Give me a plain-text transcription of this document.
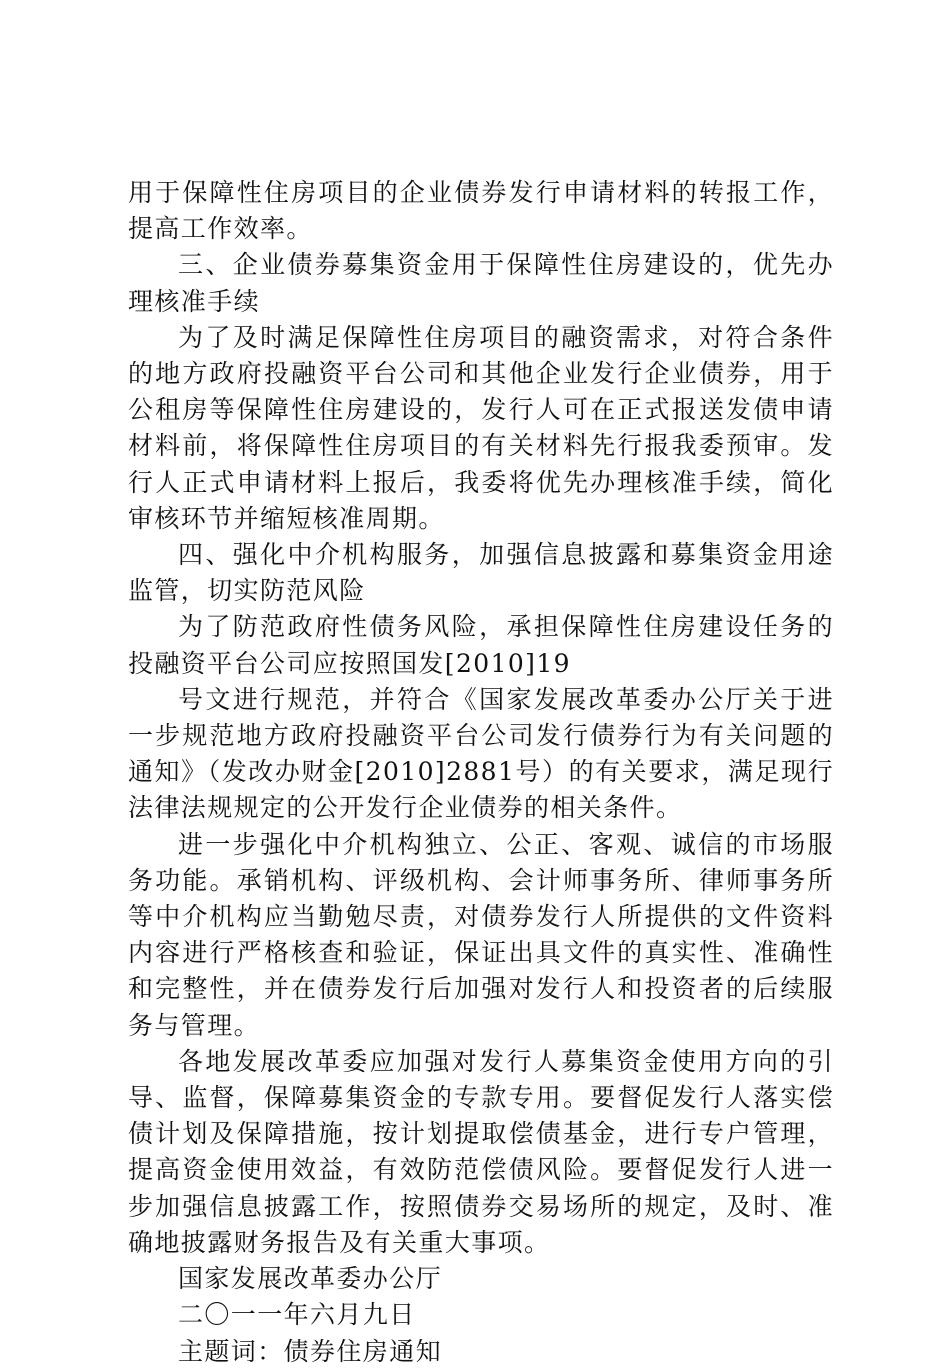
用于保障性住房项目的企业债券发行申请材料的转报工作，提高工作效率。

三、企业债券募集资金用于保障性住房建设的，优先办理核准手续

为了及时满足保障性住房项目的融资需求，对符合条件的地方政府投融资平台公司和其他企业发行企业债券，用于公租房等保障性住房建设的，发行人可在正式报送发债申请材料前，将保障性住房项目的有关材料先行报我委预审。发行人正式申请材料上报后，我委将优先办理核准手续，简化审核环节并缩短核准周期。

四、强化中介机构服务，加强信息披露和募集资金用途监管，切实防范风险

为了防范政府性债务风险，承担保障性住房建设任务的投融资平台公司应按照国发[2010]19

号文进行规范，并符合《国家发展改革委办公厅关于进一步规范地方政府投融资平台公司发行债券行为有关问题的通知》（发改办财金[2010]2881号）的有关要求，满足现行法律法规规定的公开发行企业债券的相关条件。

进一步强化中介机构独立、公正、客观、诚信的市场服务功能。承销机构、评级机构、会计师事务所、律师事务所等中介机构应当勤勉尽责，对债券发行人所提供的文件资料内容进行严格核查和验证，保证出具文件的真实性、准确性和完整性，并在债券发行后加强对发行人和投资者的后续服务与管理。

各地发展改革委应加强对发行人募集资金使用方向的引导、监督，保障募集资金的专款专用。要督促发行人落实偿债计划及保障措施，按计划提取偿债基金，进行专户管理，提高资金使用效益，有效防范偿债风险。要督促发行人进一步加强信息披露工作，按照债券交易场所的规定，及时、准确地披露财务报告及有关重大事项。

国家发展改革委办公厅

二〇一一年六月九日

主题词：债券住房通知
